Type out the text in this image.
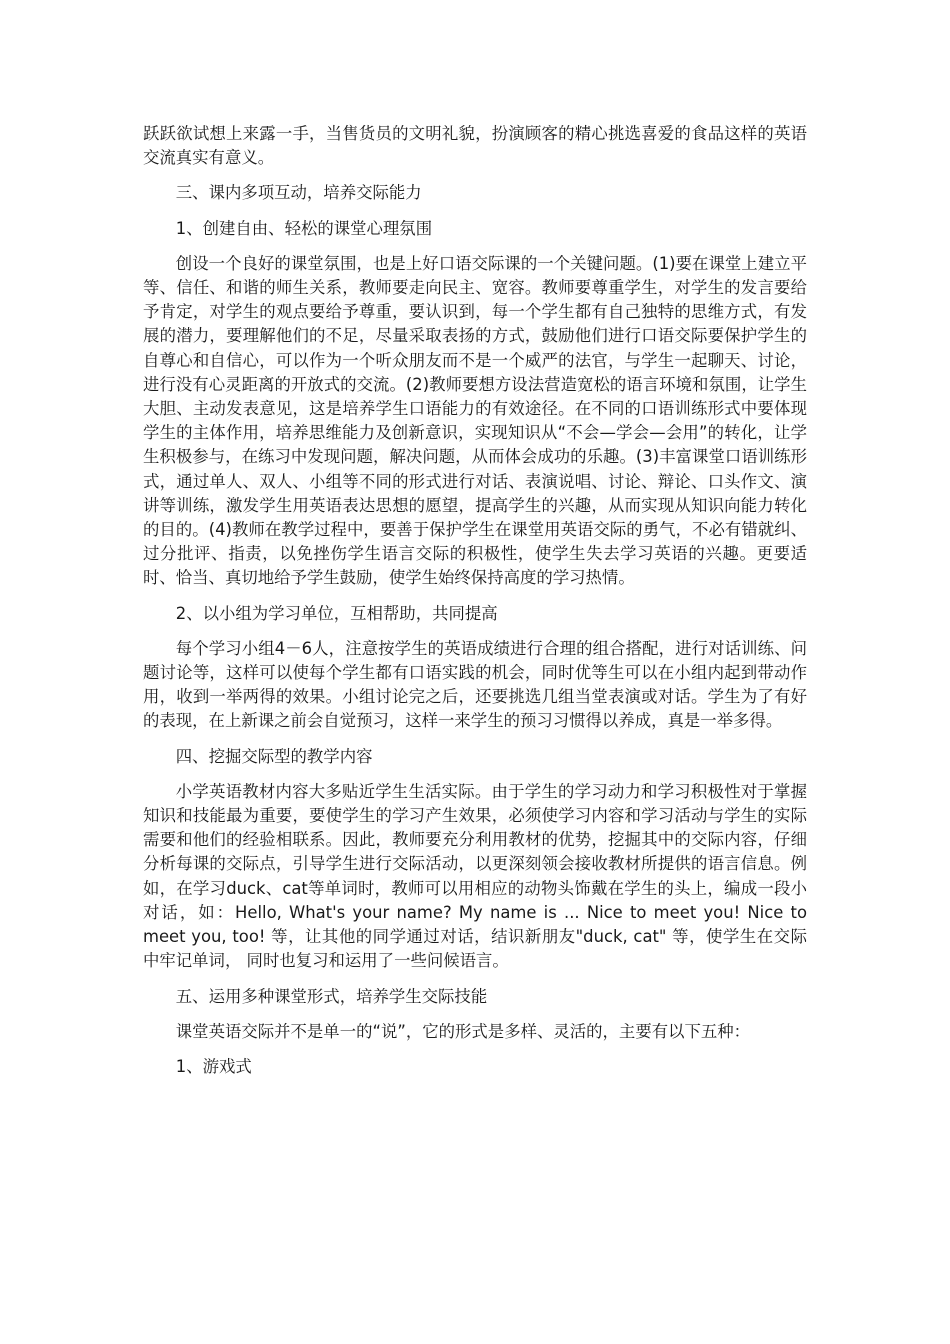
跃跃欲试想上来露一手，当售货员的文明礼貌，扮演顾客的精心挑选喜爱的食品这样的英语交流真实有意义。

三、课内多项互动，培养交际能力

1、创建自由、轻松的课堂心理氛围

创设一个良好的课堂氛围，也是上好口语交际课的一个关键问题。(1)要在课堂上建立平等、信任、和谐的师生关系，教师要走向民主、宽容。教师要尊重学生，对学生的发言要给予肯定，对学生的观点要给予尊重，要认识到，每一个学生都有自己独特的思维方式，有发展的潜力，要理解他们的不足，尽量采取表扬的方式，鼓励他们进行口语交际要保护学生的自尊心和自信心，可以作为一个听众朋友而不是一个威严的法官，与学生一起聊天、讨论，进行没有心灵距离的开放式的交流。(2)教师要想方设法营造宽松的语言环境和氛围，让学生大胆、主动发表意见，这是培养学生口语能力的有效途径。在不同的口语训练形式中要体现学生的主体作用，培养思维能力及创新意识，实现知识从“不会—学会—会用”的转化，让学生积极参与，在练习中发现问题，解决问题，从而体会成功的乐趣。(3)丰富课堂口语训练形式，通过单人、双人、小组等不同的形式进行对话、表演说唱、讨论、辩论、口头作文、演讲等训练，激发学生用英语表达思想的愿望，提高学生的兴趣，从而实现从知识向能力转化的目的。(4)教师在教学过程中，要善于保护学生在课堂用英语交际的勇气，不必有错就纠、过分批评、指责，以免挫伤学生语言交际的积极性，使学生失去学习英语的兴趣。更要适时、恰当、真切地给予学生鼓励，使学生始终保持高度的学习热情。

2、以小组为学习单位，互相帮助，共同提高

每个学习小组4－6人，注意按学生的英语成绩进行合理的组合搭配，进行对话训练、问题讨论等，这样可以使每个学生都有口语实践的机会，同时优等生可以在小组内起到带动作用，收到一举两得的效果。小组讨论完之后，还要挑选几组当堂表演或对话。学生为了有好的表现，在上新课之前会自觉预习，这样一来学生的预习习惯得以养成，真是一举多得。

四、挖掘交际型的教学内容

小学英语教材内容大多贴近学生生活实际。由于学生的学习动力和学习积极性对于掌握知识和技能最为重要，要使学生的学习产生效果，必须使学习内容和学习活动与学生的实际需要和他们的经验相联系。因此，教师要充分利用教材的优势，挖掘其中的交际内容，仔细分析每课的交际点，引导学生进行交际活动，以更深刻领会接收教材所提供的语言信息。例如，在学习duck、cat等单词时，教师可以用相应的动物头饰戴在学生的头上，编成一段小对话，如：Hello, What's your name? My name is ... Nice to meet you! Nice to meet you, too! 等，让其他的同学通过对话，结识新朋友"duck, cat" 等，使学生在交际中牢记单词， 同时也复习和运用了一些问候语言。

五、运用多种课堂形式，培养学生交际技能

课堂英语交际并不是单一的“说”，它的形式是多样、灵活的，主要有以下五种：

1、游戏式
